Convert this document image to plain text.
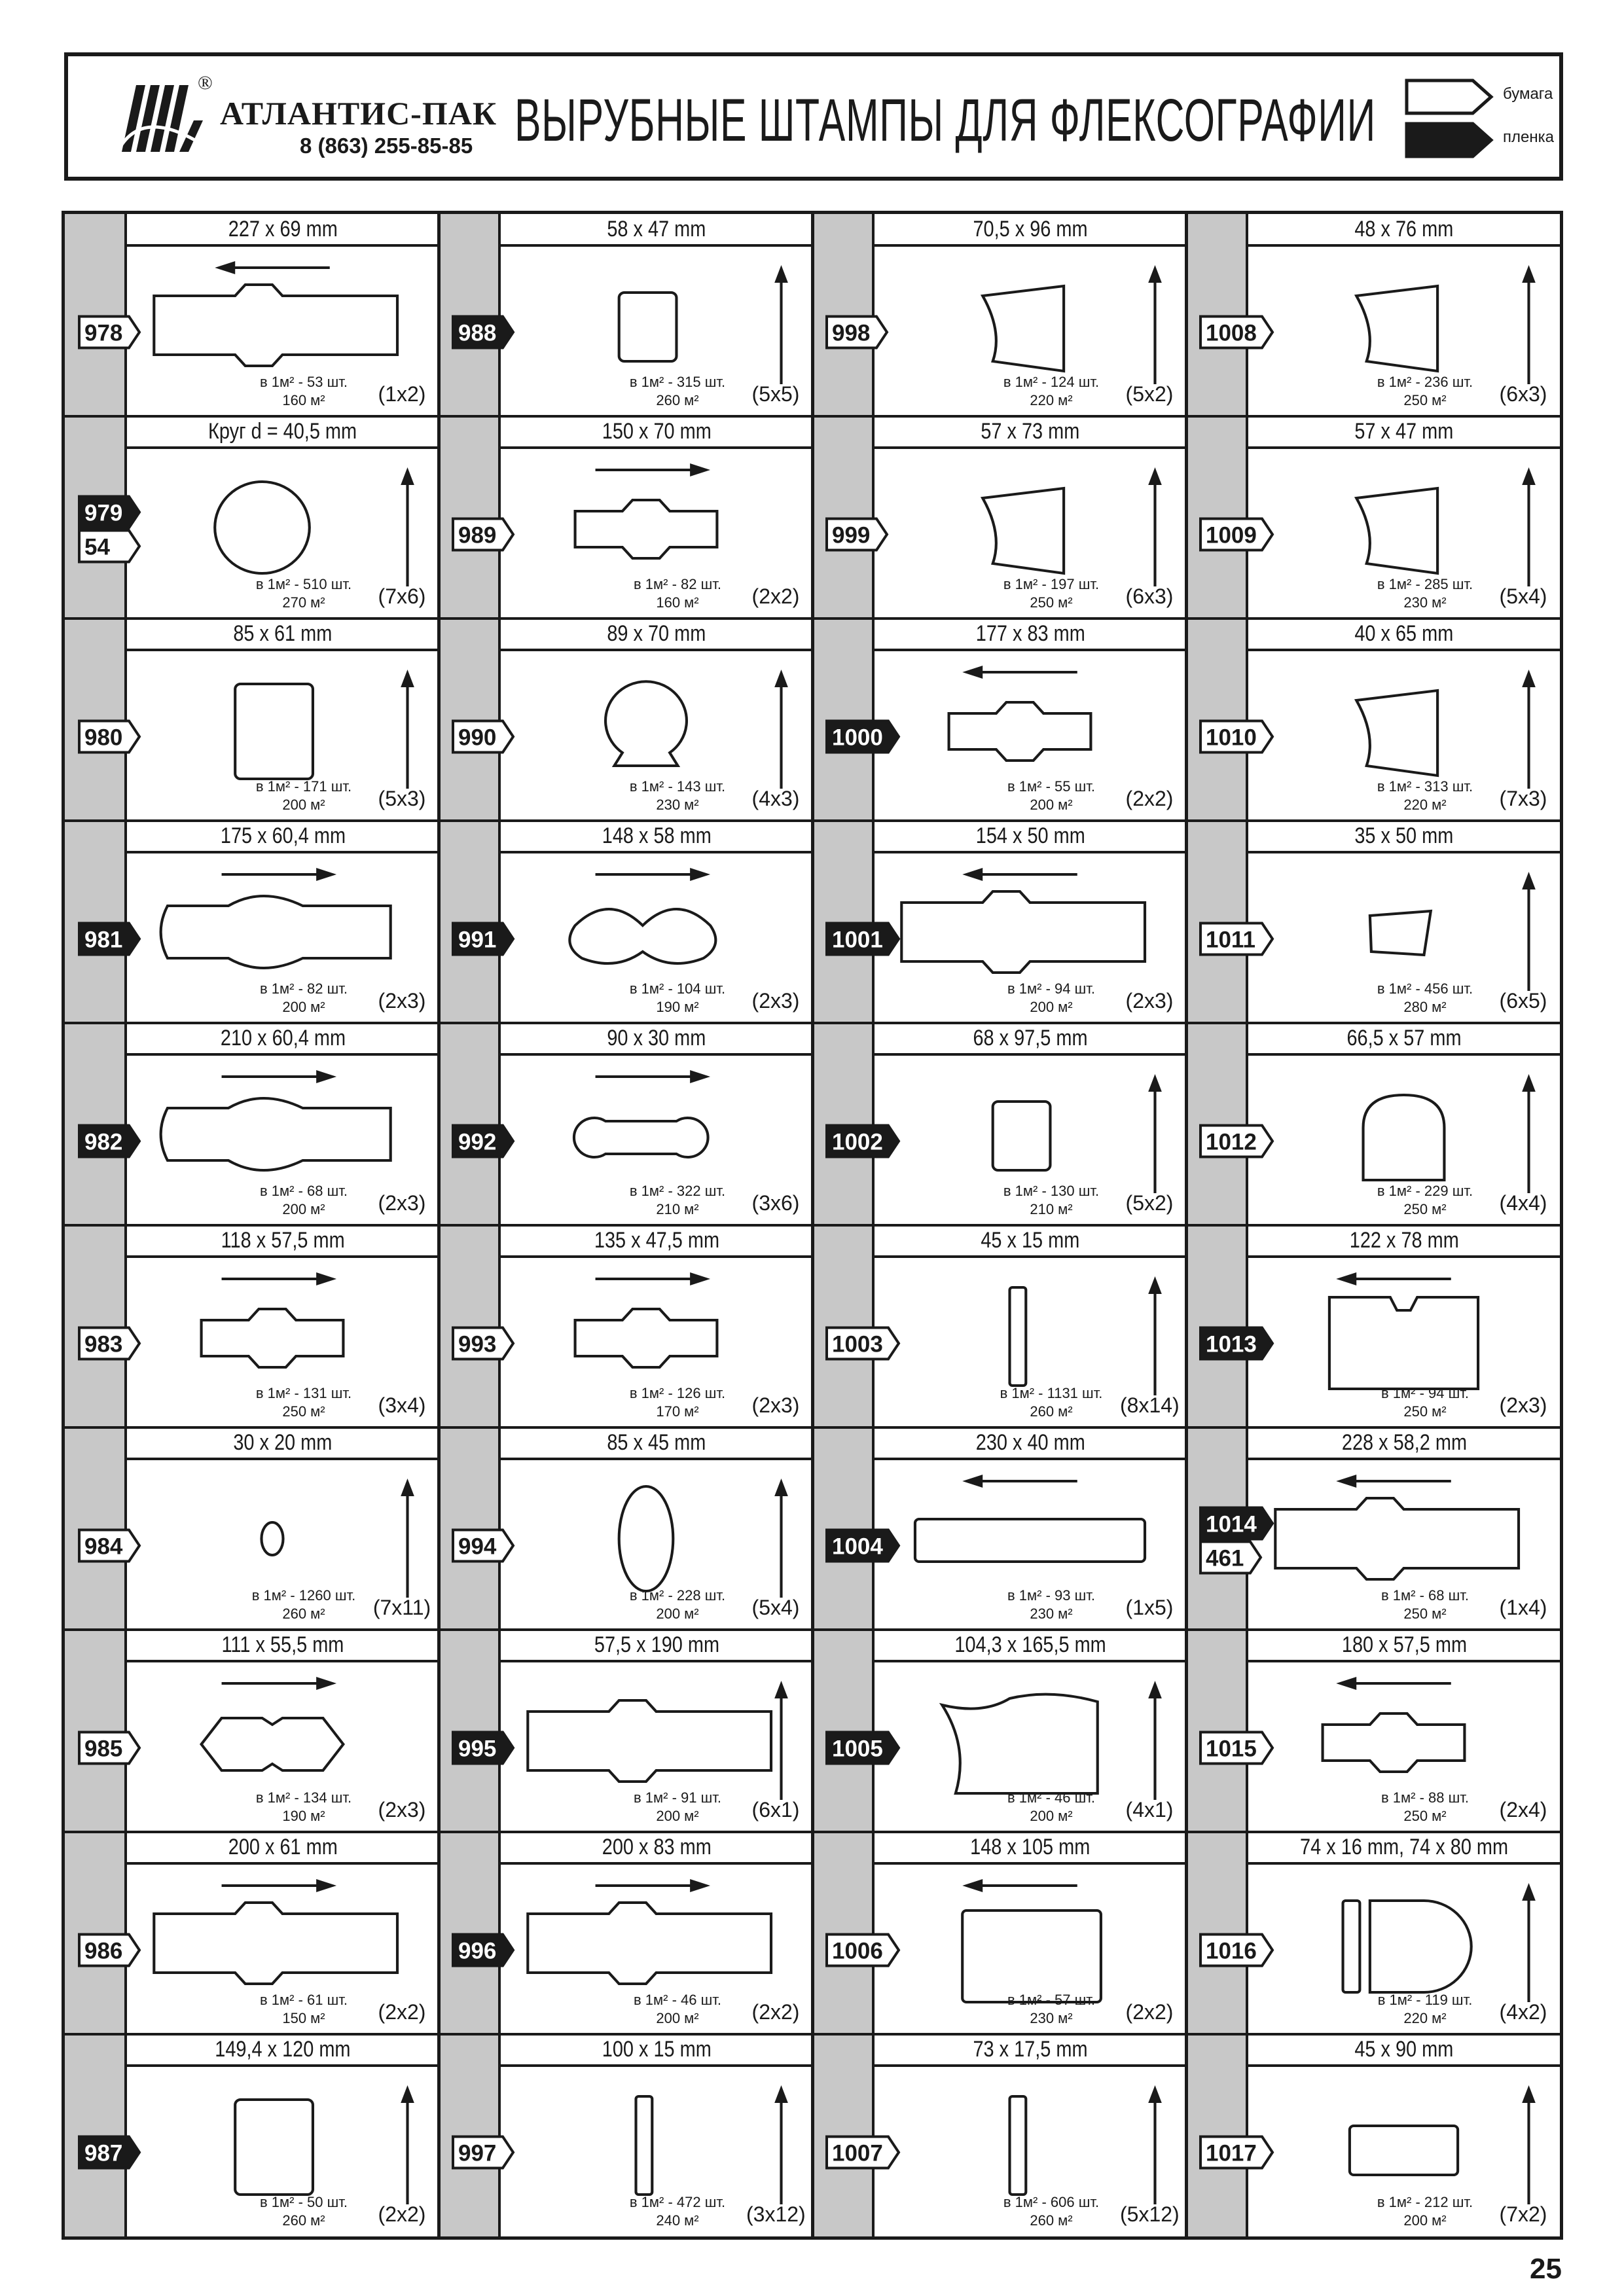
®
АТЛАНТИС-ПАК
8 (863) 255-85-85 ВЫРУБНЫЕ ШТАМПЫ ДЛЯ ФЛЕКСОГРАФИИ	бумага
пленка
227 x 69 mm
978
в 1м² - 53 шт.
160 м²	(1x2)
Круг d = 40,5 mm
979
54
в 1м² - 510 шт.
270 м²	(7x6)
85 x 61 mm
980
в 1м² - 171 шт.
200 м²	(5x3)
175 x 60,4 mm
981
в 1м² - 82 шт.
200 м²	(2x3)
210 x 60,4 mm
982
в 1м² - 68 шт.
200 м²	(2x3)
118 x 57,5 mm
983
в 1м² - 131 шт.
250 м²	(3x4)
30 x 20 mm
984
в 1м² - 1260 шт.
260 м²	(7x11)
111 x 55,5 mm
985
в 1м² - 134 шт.
190 м²	(2x3)
200 x 61 mm
986
в 1м² - 61 шт.
150 м²	(2x2)
149,4 x 120 mm
987
в 1м² - 50 шт.
260 м²	(2x2)
58 x 47 mm
988
в 1м² - 315 шт.
260 м²	(5x5)
150 x 70 mm
989
в 1м² - 82 шт.
160 м²	(2x2)
89 x 70 mm
990
в 1м² - 143 шт.
230 м²	(4x3)
148 x 58 mm
991
в 1м² - 104 шт.
190 м²	(2x3)
90 x 30 mm
992
в 1м² - 322 шт.
210 м²	(3x6)
135 x 47,5 mm
993
в 1м² - 126 шт.
170 м²	(2x3)
85 x 45 mm
994
в 1м² - 228 шт.
200 м²	(5x4)
57,5 x 190 mm
995
в 1м² - 91 шт.
200 м²	(6x1)
200 x 83 mm
996
в 1м² - 46 шт.
200 м²	(2x2)
100 x 15 mm
997
в 1м² - 472 шт.
240 м²	(3x12)
70,5 x 96 mm
998
в 1м² - 124 шт.
220 м²	(5x2)
57 x 73 mm
999
в 1м² - 197 шт.
250 м²	(6x3)
177 x 83 mm
1000
в 1м² - 55 шт.
200 м²	(2x2)
154 x 50 mm
1001
в 1м² - 94 шт.
200 м²	(2x3)
68 x 97,5 mm
1002
в 1м² - 130 шт.
210 м²	(5x2)
45 x 15 mm
1003
в 1м² - 1131 шт.
260 м²	(8x14)
230 x 40 mm
1004
в 1м² - 93 шт.
230 м²	(1x5)
104,3 x 165,5 mm
1005
в 1м² - 46 шт.
200 м²	(4x1)
148 x 105 mm
1006
в 1м² - 57 шт.
230 м²	(2x2)
73 x 17,5 mm
1007
в 1м² - 606 шт.
260 м²	(5x12)
48 x 76 mm
1008
в 1м² - 236 шт.
250 м²	(6x3)
57 x 47 mm
1009
в 1м² - 285 шт.
230 м²	(5x4)
40 x 65 mm
1010
в 1м² - 313 шт.
220 м²	(7x3)
35 x 50 mm
1011
в 1м² - 456 шт.
280 м²	(6x5)
66,5 x 57 mm
1012
в 1м² - 229 шт.
250 м²	(4x4)
122 x 78 mm
1013
в 1м² - 94 шт.
250 м²	(2x3)
228 x 58,2 mm
1014
461
в 1м² - 68 шт.
250 м²	(1x4)
180 x 57,5 mm
1015
в 1м² - 88 шт.
250 м²	(2x4)
74 x 16 mm, 74 x 80 mm
1016
в 1м² - 119 шт.
220 м²	(4x2)
45 x 90 mm
1017
в 1м² - 212 шт.
200 м²	(7x2)
25
